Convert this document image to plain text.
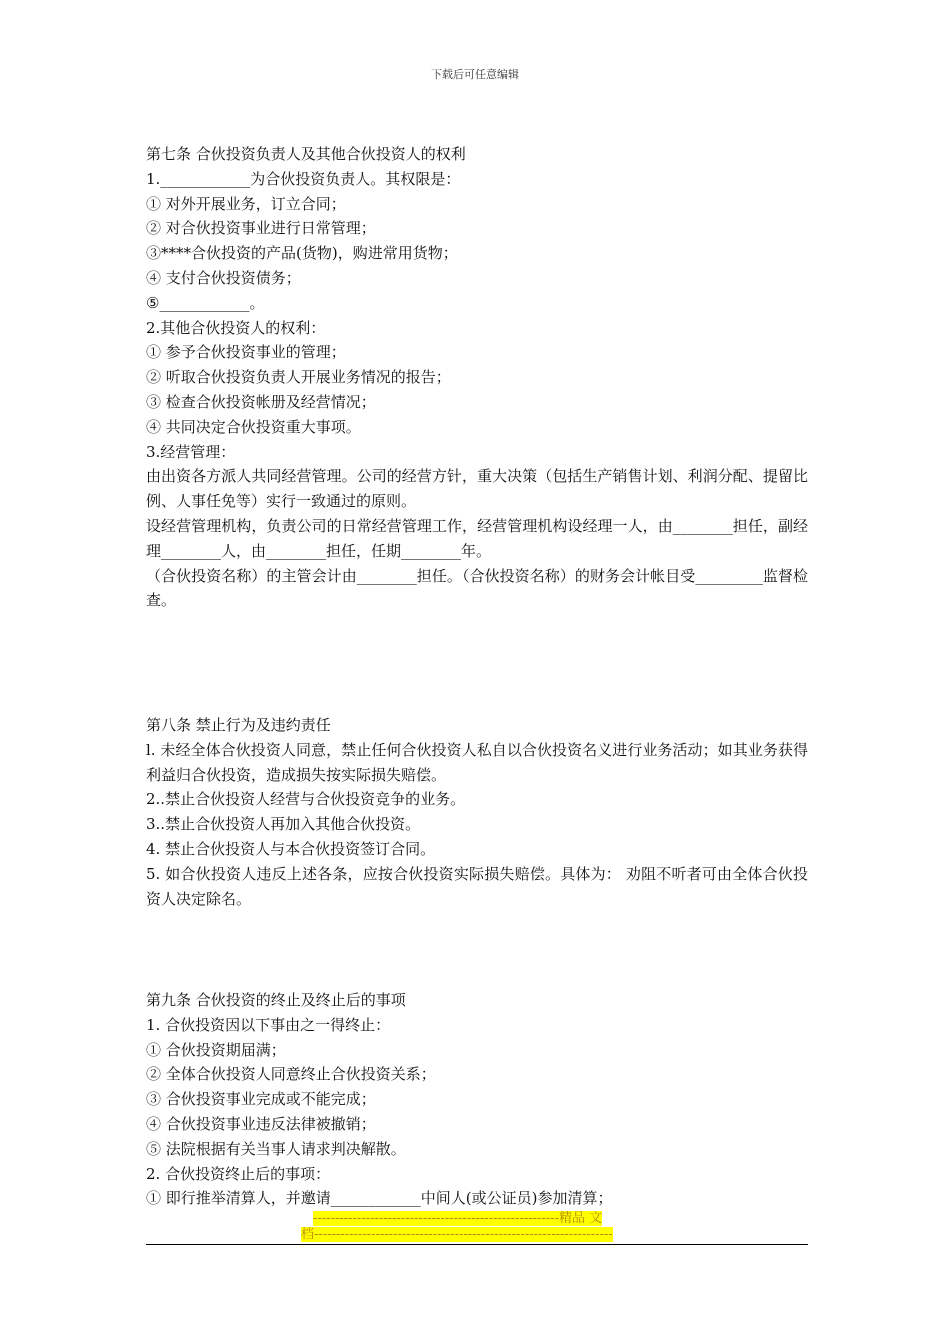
下载后可任意编辑

第七条 合伙投资负责人及其他合伙投资人的权利

1.____________为合伙投资负责人。其权限是：

① 对外开展业务，订立合同；

② 对合伙投资事业进行日常管理；

③****合伙投资的产品(货物)，购进常用货物；

④ 支付合伙投资债务；

⑤____________。

2.其他合伙投资人的权利：

① 参予合伙投资事业的管理；

② 听取合伙投资负责人开展业务情况的报告；

③ 检查合伙投资帐册及经营情况；

④ 共同决定合伙投资重大事项。

3.经营管理：

由出资各方派人共同经营管理。公司的经营方针，重大决策（包括生产销售计划、利润分配、提留比例、人事任免等）实行一致通过的原则。

设经营管理机构，负责公司的日常经营管理工作，经营管理机构设经理一人，由________担任，副经理________人，由________担任，任期________年。

（合伙投资名称）的主管会计由________担任。（合伙投资名称）的财务会计帐目受_________监督检查。

第八条 禁止行为及违约责任

l. 未经全体合伙投资人同意，禁止任何合伙投资人私自以合伙投资名义进行业务活动；如其业务获得利益归合伙投资，造成损失按实际损失赔偿。

2..禁止合伙投资人经营与合伙投资竞争的业务。

3..禁止合伙投资人再加入其他合伙投资。

4. 禁止合伙投资人与本合伙投资签订合同。

5. 如合伙投资人违反上述各条，应按合伙投资实际损失赔偿。具体为： 劝阻不听者可由全体合伙投资人决定除名。

第九条 合伙投资的终止及终止后的事项

1. 合伙投资因以下事由之一得终止：

① 合伙投资期届满；

② 全体合伙投资人同意终止合伙投资关系；

③ 合伙投资事业完成或不能完成；

④ 合伙投资事业违反法律被撤销；

⑤ 法院根据有关当事人请求判决解散。

2. 合伙投资终止后的事项：

① 即行推举清算人，并邀请____________中间人(或公证员)参加清算；

--------------------------------------------------------精品 文
档--------------------------------------------------------------------
